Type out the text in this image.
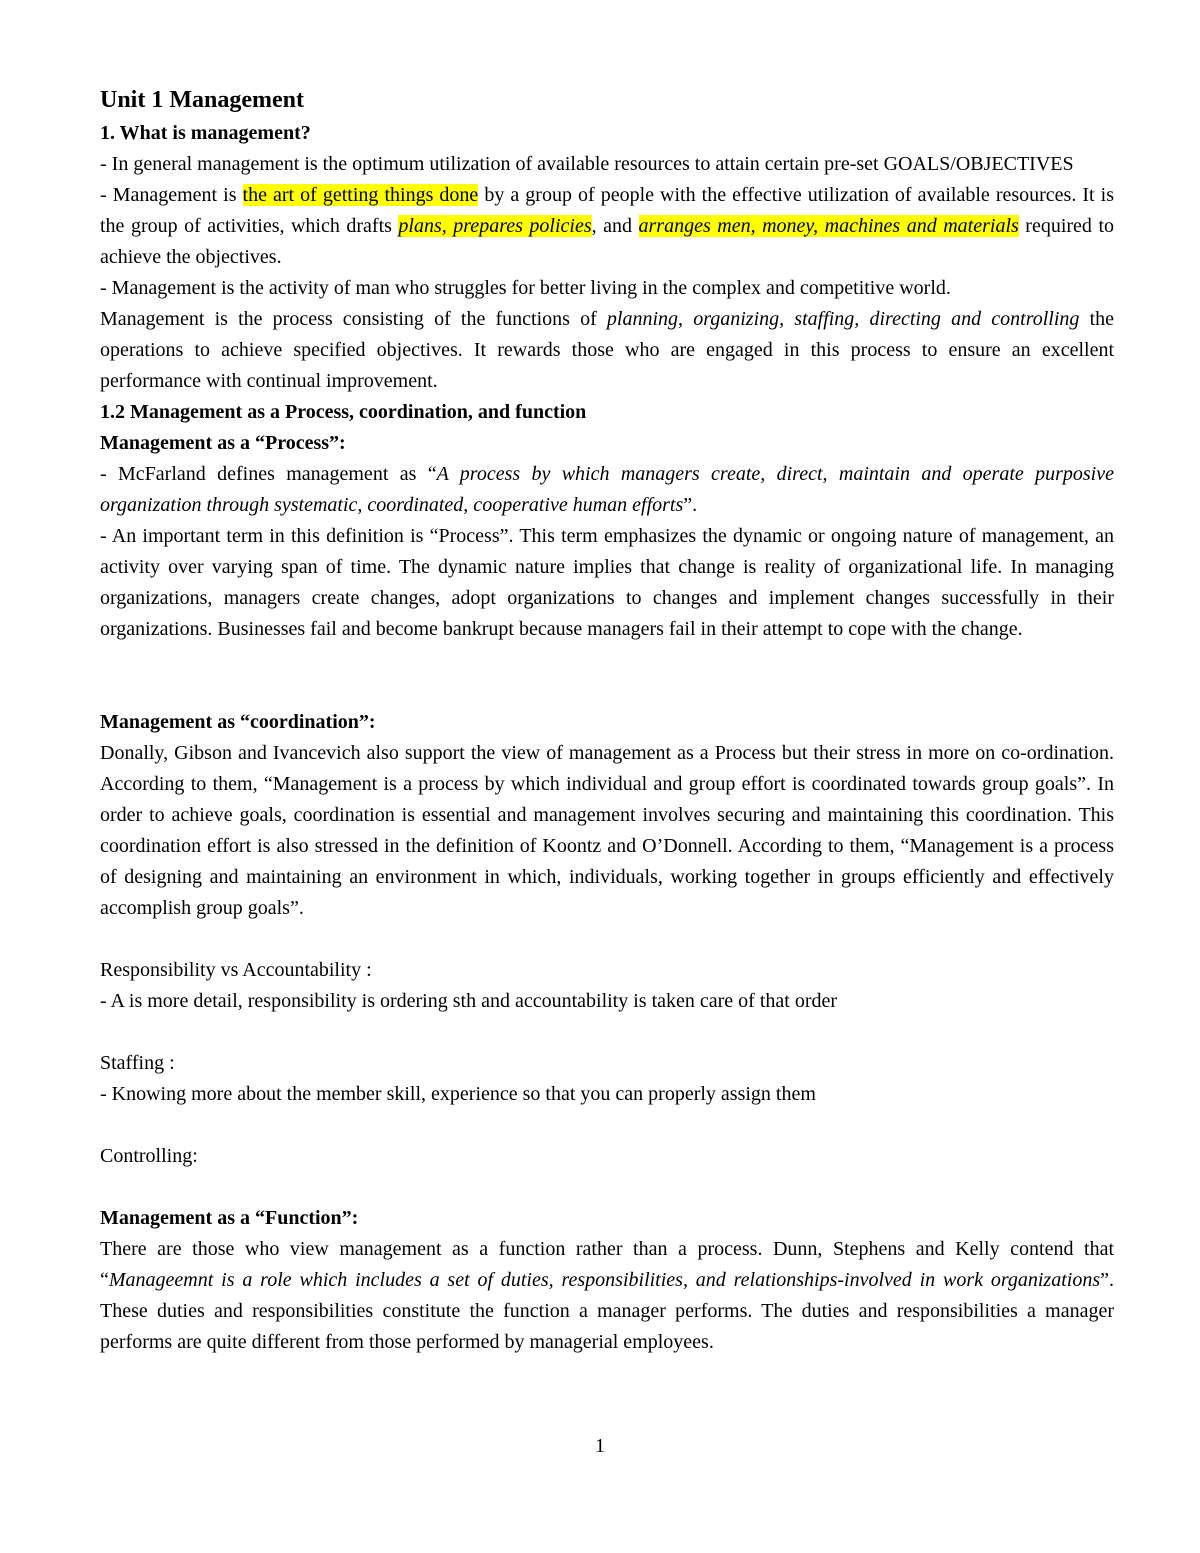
Unit 1 Management

1. What is management?

- In general management is the optimum utilization of available resources to attain certain pre-set GOALS/OBJECTIVES

- Management is the art of getting things done by a group of people with the effective utilization of available resources. It is the group of activities, which drafts plans, prepares policies, and arranges men, money, machines and materials required to achieve the objectives.

- Management is the activity of man who struggles for better living in the complex and competitive world.

Management is the process consisting of the functions of planning, organizing, staffing, directing and controlling the operations to achieve specified objectives. It rewards those who are engaged in this process to ensure an excellent performance with continual improvement.

1.2 Management as a Process, coordination, and function

Management as a “Process”:

- McFarland defines management as “A process by which managers create, direct, maintain and operate purposive organization through systematic, coordinated, cooperative human efforts”.

- An important term in this definition is “Process”. This term emphasizes the dynamic or ongoing nature of management, an activity over varying span of time. The dynamic nature implies that change is reality of organizational life. In managing organizations, managers create changes, adopt organizations to changes and implement changes successfully in their organizations. Businesses fail and become bankrupt because managers fail in their attempt to cope with the change.

Management as “coordination”:

Donally, Gibson and Ivancevich also support the view of management as a Process but their stress in more on co-ordination. According to them, “Management is a process by which individual and group effort is coordinated towards group goals”. In order to achieve goals, coordination is essential and management involves securing and maintaining this coordination. This coordination effort is also stressed in the definition of Koontz and O’Donnell. According to them, “Management is a process of designing and maintaining an environment in which, individuals, working together in groups efficiently and effectively accomplish group goals”.

Responsibility vs Accountability :

- A is more detail, responsibility is ordering sth and accountability is taken care of that order

Staffing :

- Knowing more about the member skill, experience so that you can properly assign them

Controlling:

Management as a “Function”:

There are those who view management as a function rather than a process. Dunn, Stephens and Kelly contend that “Manageemnt is a role which includes a set of duties, responsibilities, and relationships-involved in work organizations”. These duties and responsibilities constitute the function a manager performs. The duties and responsibilities a manager performs are quite different from those performed by managerial employees.

1
